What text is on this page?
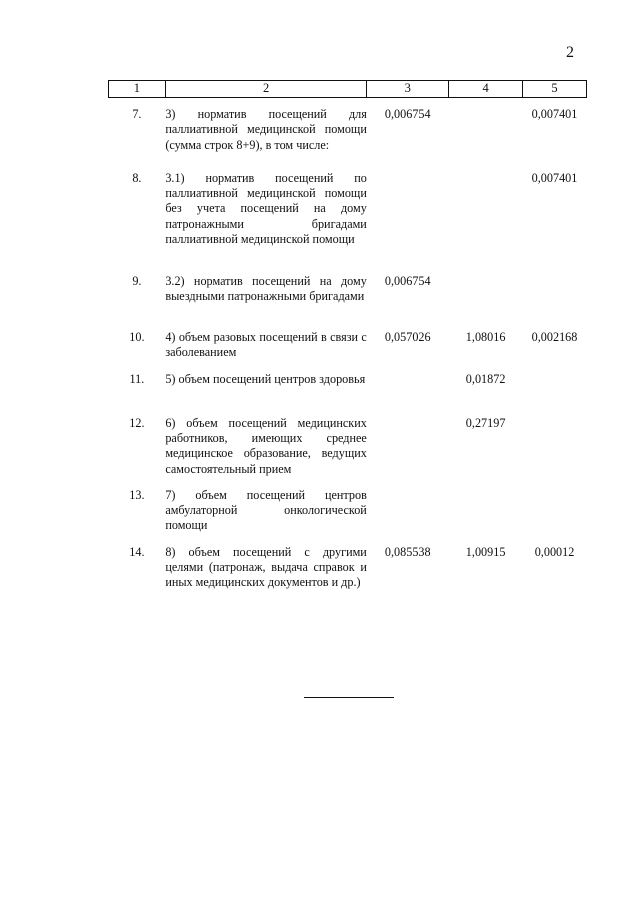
2
1	2	3	4	5
7.	3) норматив посещений для паллиативной медицинской помощи (сумма строк 8+9), в том числе:	0,006754		0,007401
8.	3.1) норматив посещений по паллиативной медицинской помощи без учета посещений на дому патронажными бригадами паллиативной медицинской помощи			0,007401
9.	3.2) норматив посещений на дому выездными патронажными бригадами	0,006754		
10.	4) объем разовых посещений в связи с заболеванием	0,057026	1,08016	0,002168
11.	5) объем посещений центров здоровья		0,01872	
12.	6) объем посещений медицинских работников, имеющих среднее медицинское образование, ведущих самостоятельный прием		0,27197	
13.	7) объем посещений центров амбулаторной онкологической помощи			
14.	8) объем посещений с другими целями (патронаж, выдача справок и иных медицинских документов и др.)	0,085538	1,00915	0,00012
